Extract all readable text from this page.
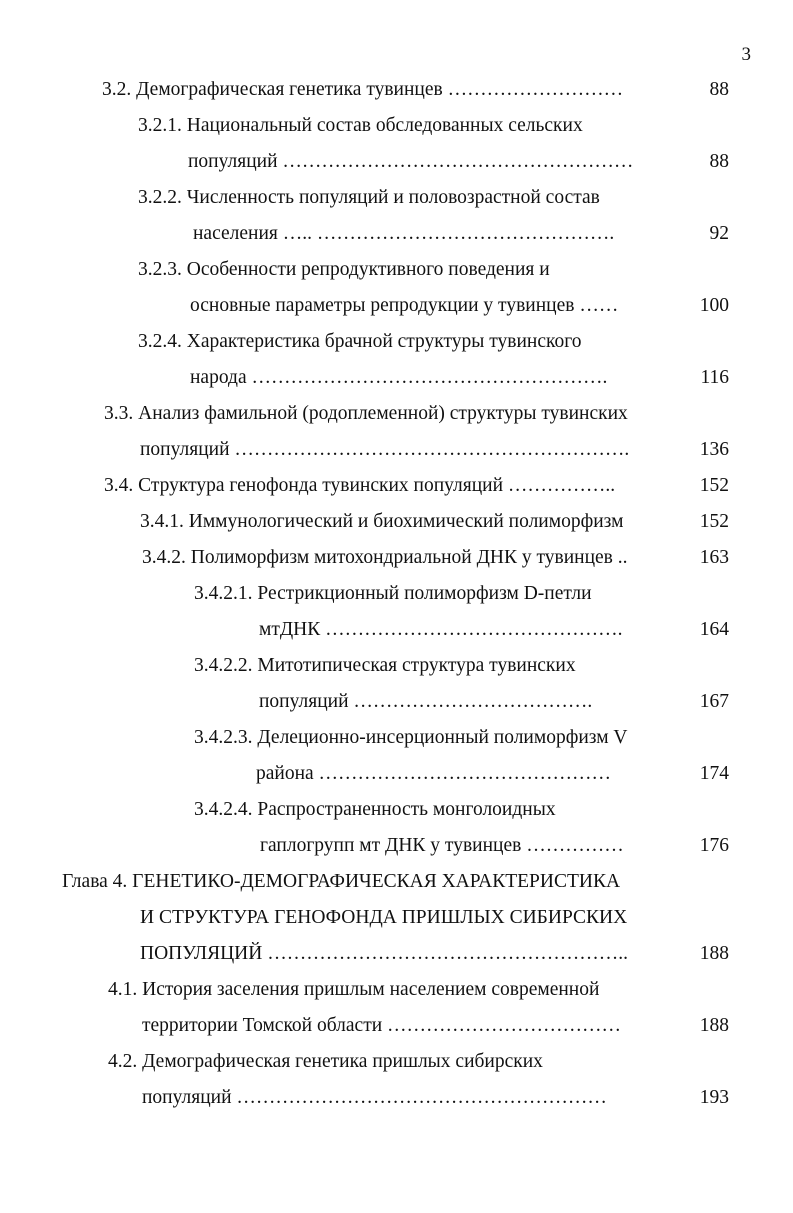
3
3.2. Демографическая генетика тувинцев ………………………	88
3.2.1. Национальный состав обследованных сельских
популяций ………………………………………………	88
3.2.2. Численность популяций и половозрастной состав
населения ….. ……………………………………….	92
3.2.3. Особенности репродуктивного поведения и
основные параметры репродукции у тувинцев ……	100
3.2.4. Характеристика брачной структуры тувинского
народа ……………………………………………….	116
3.3. Анализ фамильной (родоплеменной) структуры тувинских
популяций …………………………………………………….	136
3.4. Структура генофонда тувинских популяций ……………..	152
3.4.1. Иммунологический и биохимический полиморфизм	152
3.4.2. Полиморфизм митохондриальной ДНК у тувинцев ..	163
3.4.2.1. Рестрикционный полиморфизм D-петли
мтДНК ……………………………………….	164
3.4.2.2. Митотипическая структура тувинских
популяций ……………………………….	167
3.4.2.3. Делеционно-инсерционный полиморфизм V
района ………………………………………	174
3.4.2.4. Распространенность монголоидных
гаплогрупп мт ДНК у тувинцев ……………	176
Глава 4. ГЕНЕТИКО-ДЕМОГРАФИЧЕСКАЯ ХАРАКТЕРИСТИКА
И СТРУКТУРА ГЕНОФОНДА ПРИШЛЫХ СИБИРСКИХ
ПОПУЛЯЦИЙ ………………………………………………..	188
4.1. История заселения пришлым населением современной
территории Томской области ………………………………	188
4.2. Демографическая генетика пришлых сибирских
популяций …………………………………………………	193
